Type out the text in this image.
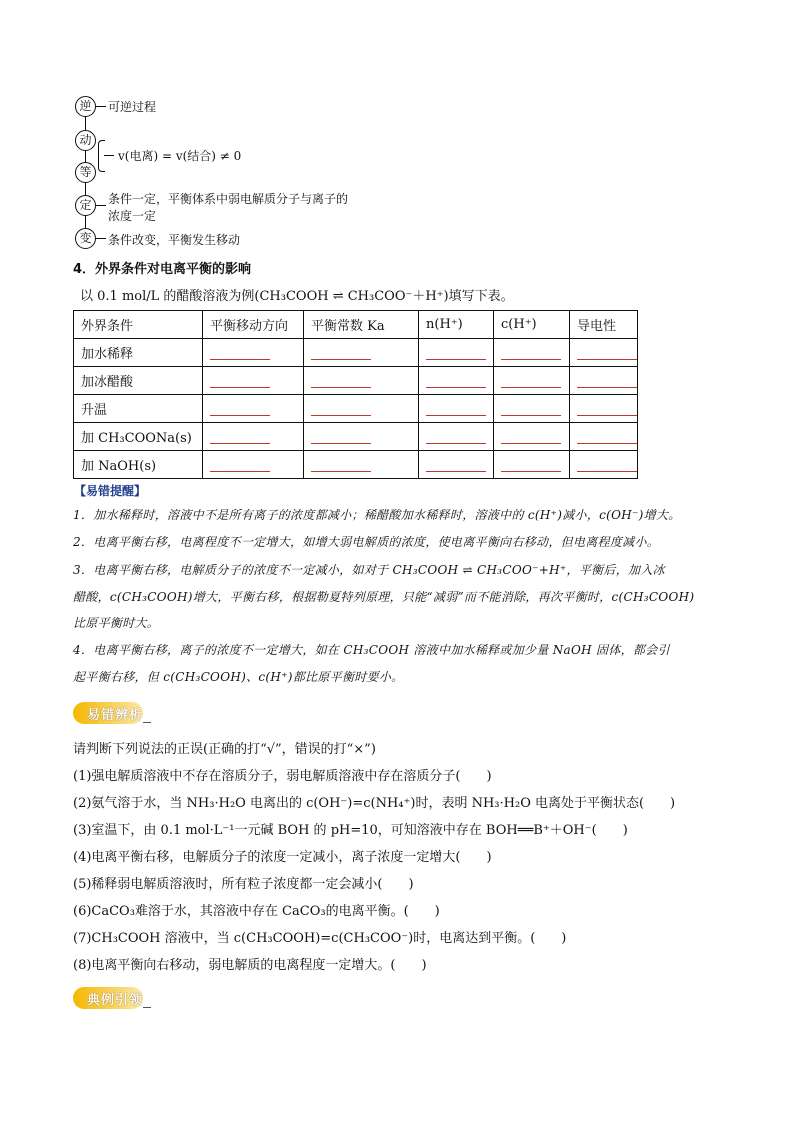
逆	可逆过程
动
v(电离) = v(结合) ≠ 0
等
定	条件一定，平衡体系中弱电解质分子与离子的
浓度一定
变	条件改变，平衡发生移动
4．外界条件对电离平衡的影响
以 0.1 mol/L 的醋酸溶液为例(CH₃COOH ⇌ CH₃COO⁻＋H⁺)填写下表。
外界条件	平衡移动方向	平衡常数 Ka	n(H⁺)	c(H⁺)	导电性
加水稀释					
加冰醋酸					
升温					
加 CH₃COONa(s)					
加 NaOH(s)					
【易错提醒】
1．加水稀释时，溶液中不是所有离子的浓度都减小；稀醋酸加水稀释时，溶液中的 c(H⁺)减小，c(OH⁻)增大。
2．电离平衡右移，电离程度不一定增大，如增大弱电解质的浓度，使电离平衡向右移动，但电离程度减小。
3．电离平衡右移，电解质分子的浓度不一定减小，如对于 CH₃COOH ⇌ CH₃COO⁻+H⁺，平衡后，加入冰
醋酸，c(CH₃COOH)增大，平衡右移，根据勒夏特列原理，只能“减弱”而不能消除，再次平衡时，c(CH₃COOH)
比原平衡时大。
4．电离平衡右移，离子的浓度不一定增大，如在 CH₃COOH 溶液中加水稀释或加少量 NaOH 固体，都会引
起平衡右移，但 c(CH₃COOH)、c(H⁺)都比原平衡时要小。
易错辨析
请判断下列说法的正误(正确的打“√”，错误的打“×”)
(1)强电解质溶液中不存在溶质分子，弱电解质溶液中存在溶质分子(　　)
(2)氨气溶于水，当 NH₃·H₂O 电离出的 c(OH⁻)=c(NH₄⁺)时，表明 NH₃·H₂O 电离处于平衡状态(　　)
(3)室温下，由 0.1 mol·L⁻¹一元碱 BOH 的 pH=10，可知溶液中存在 BOH══B⁺＋OH⁻(　　)
(4)电离平衡右移，电解质分子的浓度一定减小，离子浓度一定增大(　　)
(5)稀释弱电解质溶液时，所有粒子浓度都一定会减小(　　)
(6)CaCO₃难溶于水，其溶液中存在 CaCO₃的电离平衡。(　　)
(7)CH₃COOH 溶液中，当 c(CH₃COOH)=c(CH₃COO⁻)时，电离达到平衡。(　　)
(8)电离平衡向右移动，弱电解质的电离程度一定增大。(　　)
典例引领
